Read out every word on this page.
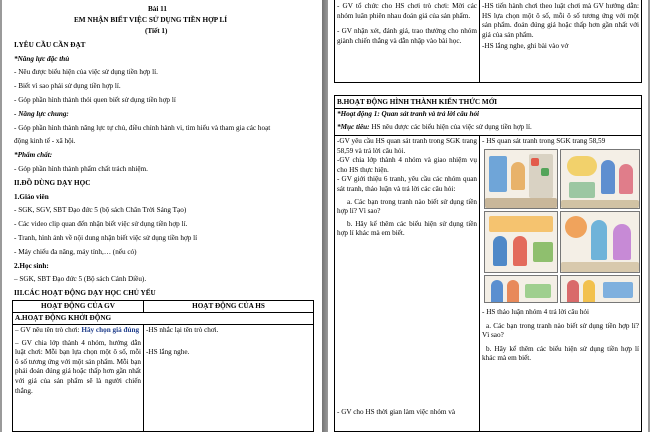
Bài 11
EM NHẬN BIẾT VIỆC SỬ DỤNG TIỀN HỢP LÍ
(Tiết 1)
I.YÊU CẦU CẦN ĐẠT
*Năng lực đặc thù
- Nêu được biểu hiện của việc sử dụng tiền hợp lí.
- Biết vì sao phải sử dụng tiền hợp lí.
- Góp phần hình thành thói quen biết sử dụng tiền hợp lí
- Năng lực chung:
- Góp phần hình thành năng lực tự chủ, điều chỉnh hành vi, tìm hiểu và tham gia các hoạt
động kinh tế - xã hội.
*Phẩm chất:
- Góp phần hình thành phẩm chất trách nhiệm.
II.ĐỒ DÙNG DẠY HỌC
1.Giáo viên
- SGK, SGV, SBT Đạo đức 5 (bộ sách Chân Trời Sáng Tạo)
- Các video clip quan đến nhận biết việc sử dụng tiền hợp lí.
- Tranh, hình ảnh về nội dung nhận biết việc sử dụng tiền hợp lí
- Máy chiếu đa năng, máy tính,… (nếu có)
2.Học sinh:
– SGK, SBT Đạo đức 5 (Bộ sách Cánh Diều).
III.CÁC HOẠT ĐỘNG DẠY HỌC CHỦ YẾU
HOẠT ĐỘNG CỦA GV	HOẠT ĐỘNG CỦA HS
A.HOẠT ĐỘNG KHỞI ĐỘNG
– GV nêu tên trò chơi: Hãy chọn giá đúng
– GV chia lớp thành 4 nhóm, hướng dẫn luật chơi: Mỗi bạn lựa chọn một ô số, mỗi ô số tương ứng với một sản phẩm. Mỗi bạn phải đoán đúng giá hoặc thấp hơn gần nhất với giá của sản phẩm sẽ là người chiến thắng.
-HS nhắc lại tên trò chơi.
-HS lắng nghe.
- GV tổ chức cho HS chơi trò chơi: Mời các nhóm luân phiên nhau đoán giá của sản phẩm.
- GV nhận xét, đánh giá, trao thưởng cho nhóm giành chiến thắng và dẫn nhập vào bài học.
-HS tiến hành chơi theo luật chơi mà GV hướng dẫn: HS lựa chọn một ô số, mỗi ô số tương ứng với một sản phẩm. đoán đúng giá hoặc thấp hơn gần nhất với giá của sản phẩm.
-HS lắng nghe, ghi bài vào vở
B.HOẠT ĐỘNG HÌNH THÀNH KIẾN THỨC MỚI
*Hoạt động 1: Quan sát tranh và trả lời câu hỏi
*Mục tiêu: HS nêu được các biểu hiện của việc sử dụng tiền hợp lí.
-GV yêu cầu HS quan sát tranh trong SGK trang 58,59 và trả lời câu hỏi.
-GV chia lớp thành 4 nhóm và giao nhiệm vụ cho HS thực hiện.
- GV giới thiệu 6 tranh, yêu cầu các nhóm quan sát tranh, thảo luận và trả lời các câu hỏi:
a. Các bạn trong tranh nào biết sử dụng tiền hợp lí? Vì sao?
b. Hãy kể thêm các biểu hiện sử dụng tiền hợp lí khác mà em biết.
- GV cho HS thời gian làm việc nhóm và
- HS quan sát tranh trong SGK trang 58,59
- HS thảo luận nhóm 4 trả lời câu hỏi
a. Các bạn trong tranh nào biết sử dụng tiền hợp lí? Vì sao?
b. Hãy kể thêm các biểu hiện sử dụng tiền hợp lí khác mà em biết.
